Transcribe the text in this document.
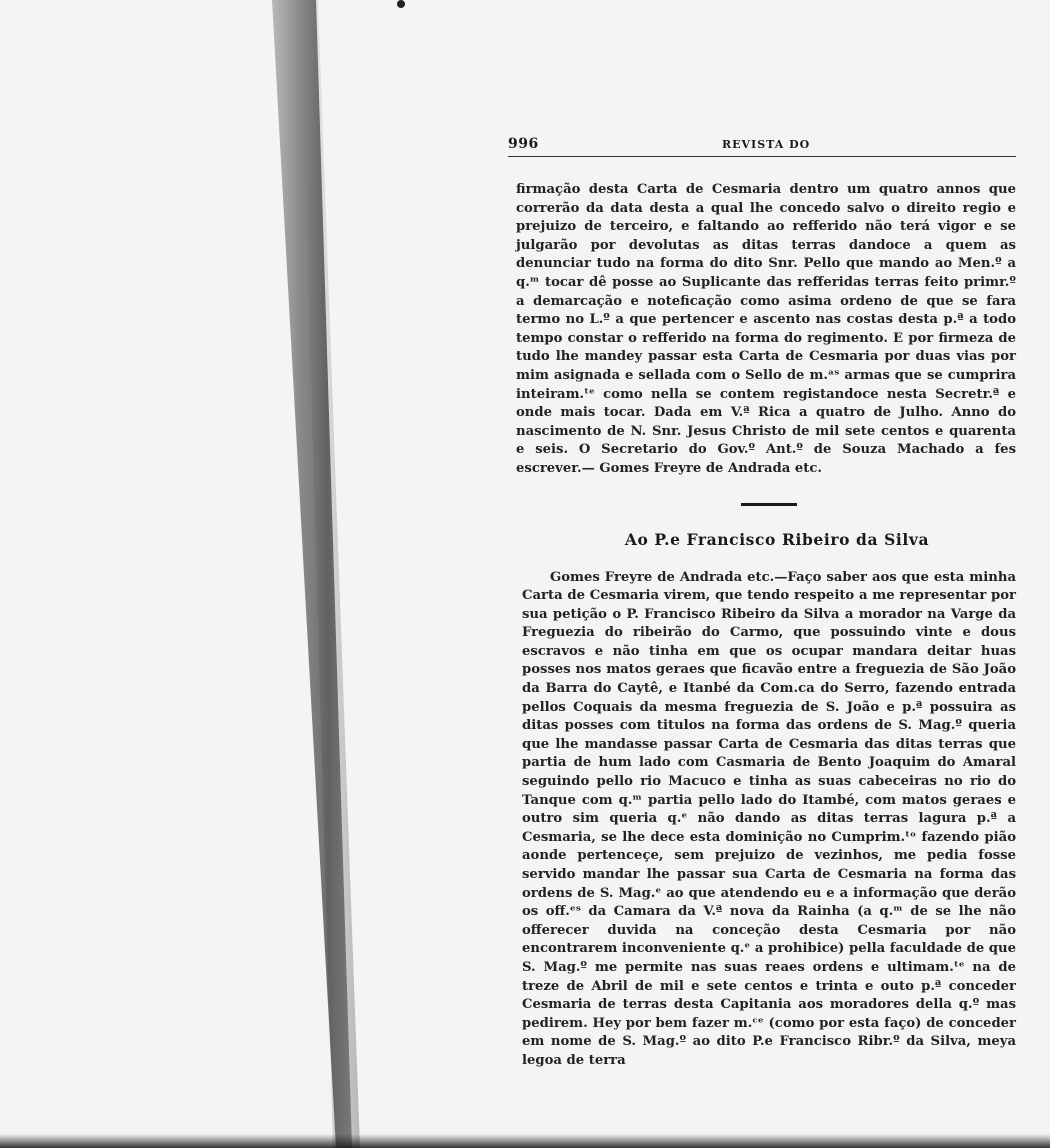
996	REVISTA DO

firmação desta Carta de Cesmaria dentro um quatro annos que correrão da data desta a qual lhe concedo salvo o direito regio e prejuizo de terceiro, e faltando ao refferido não terá vigor e se julgarão por devolutas as ditas terras dandoce a quem as denunciar tudo na forma do dito Snr. Pello que mando ao Men.º a q.ᵐ tocar dê posse ao Suplicante das refferidas terras feito primr.º a demarcação e noteficação como asima ordeno de que se fara termo no L.º a que pertencer e ascento nas costas desta p.ª a todo tempo constar o refferido na forma do regimento. E por firmeza de tudo lhe mandey passar esta Carta de Cesmaria por duas vias por mim asignada e sellada com o Sello de m.ᵃˢ armas que se cumprira inteiram.ᵗᵉ como nella se contem registandoce nesta Secretr.ª e onde mais tocar. Dada em V.ª Rica a quatro de Julho. Anno do nascimento de N. Snr. Jesus Christo de mil sete centos e quarenta e seis. O Secretario do Gov.º Ant.º de Souza Machado a fes escrever.— Gomes Freyre de Andrada etc.

Ao P.e Francisco Ribeiro da Silva

Gomes Freyre de Andrada etc.—Faço saber aos que esta minha Carta de Cesmaria virem, que tendo respeito a me representar por sua petição o P. Francisco Ribeiro da Silva a morador na Varge da Freguezia do ribeirão do Carmo, que possuindo vinte e dous escravos e não tinha em que os ocupar mandara deitar huas posses nos matos geraes que ficavão entre a freguezia de São João da Barra do Caytê, e Itanbé da Com.ca do Serro, fazendo entrada pellos Coquais da mesma freguezia de S. João e p.ª possuira as ditas posses com titulos na forma das ordens de S. Mag.º queria que lhe mandasse passar Carta de Cesmaria das ditas terras que partia de hum lado com Casmaria de Bento Joaquim do Amaral seguindo pello rio Macuco e tinha as suas cabeceiras no rio do Tanque com q.ᵐ partia pello lado do Itambé, com matos geraes e outro sim queria q.ᵉ não dando as ditas terras lagura p.ª a Cesmaria, se lhe dece esta dominição no Cumprim.ᵗᵒ fazendo pião aonde pertenceçe, sem prejuizo de vezinhos, me pedia fosse servido mandar lhe passar sua Carta de Cesmaria na forma das ordens de S. Mag.ᵉ ao que atendendo eu e a informação que derão os off.ᵉˢ da Camara da V.ª nova da Rainha (a q.ᵐ de se lhe não offerecer duvida na conceção desta Cesmaria por não encontrarem inconveniente q.ᵉ a prohibice) pella faculdade de que S. Mag.º me permite nas suas reaes ordens e ultimam.ᵗᵉ na de treze de Abril de mil e sete centos e trinta e outo p.ª conceder Cesmaria de terras desta Capitania aos moradores della q.º mas pedirem. Hey por bem fazer m.ᶜᵉ (como por esta faço) de conceder em nome de S. Mag.º ao dito P.e Francisco Ribr.º da Silva, meya legoa de terra
